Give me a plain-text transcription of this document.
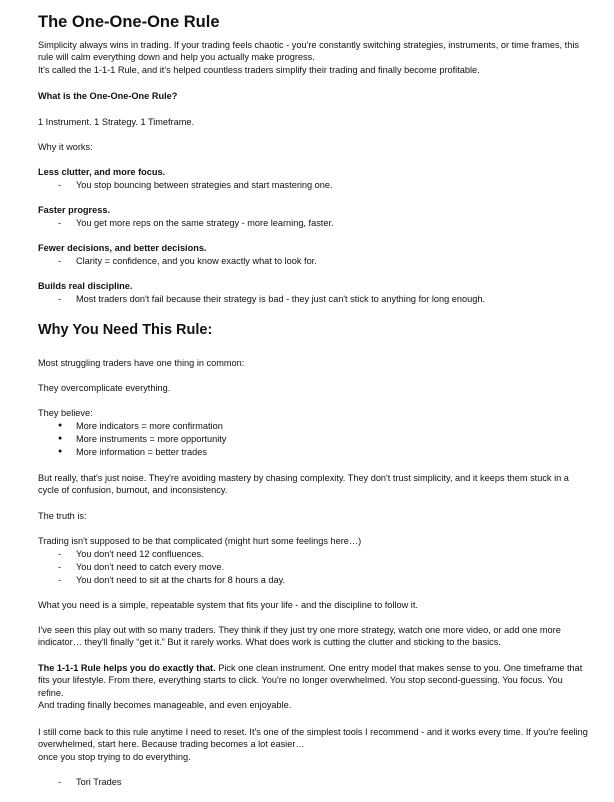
The One-One-One Rule

Simplicity always wins in trading. If your trading feels chaotic - you're constantly switching strategies, instruments, or time frames, this rule will calm everything down and help you actually make progress.

It's called the 1-1-1 Rule, and it's helped countless traders simplify their trading and finally become profitable.

What is the One-One-One Rule?
1 Instrument. 1 Strategy. 1 Timeframe.
Why it works:
Less clutter, and more focus.
- You stop bouncing between strategies and start mastering one.
Faster progress.
- You get more reps on the same strategy - more learning, faster.
Fewer decisions, and better decisions.
- Clarity = confidence, and you know exactly what to look for.
Builds real discipline.
- Most traders don't fail because their strategy is bad - they just can't stick to anything for long enough.
Why You Need This Rule:
Most struggling traders have one thing in common:
They overcomplicate everything.
They believe:
● More indicators = more confirmation
● More instruments = more opportunity
● More information = better trades
But really, that's just noise. They're avoiding mastery by chasing complexity. They don't trust simplicity, and it keeps them stuck in a cycle of confusion, burnout, and inconsistency.
The truth is:
Trading isn't supposed to be that complicated (might hurt some feelings here…)
- You don't need 12 confluences.
- You don't need to catch every move.
- You don't need to sit at the charts for 8 hours a day.
What you need is a simple, repeatable system that fits your life - and the discipline to follow it.
I've seen this play out with so many traders. They think if they just try one more strategy, watch one more video, or add one more indicator… they'll finally “get it.” But it rarely works. What does work is cutting the clutter and sticking to the basics.

The 1-1-1 Rule helps you do exactly that. Pick one clean instrument. One entry model that makes sense to you. One timeframe that fits your lifestyle. From there, everything starts to click. You're no longer overwhelmed. You stop second-guessing. You focus. You refine.

And trading finally becomes manageable, and even enjoyable.

I still come back to this rule anytime I need to reset. It's one of the simplest tools I recommend - and it works every time. If you're feeling overwhelmed, start here. Because trading becomes a lot easier…

once you stop trying to do everything.

- Tori Trades
